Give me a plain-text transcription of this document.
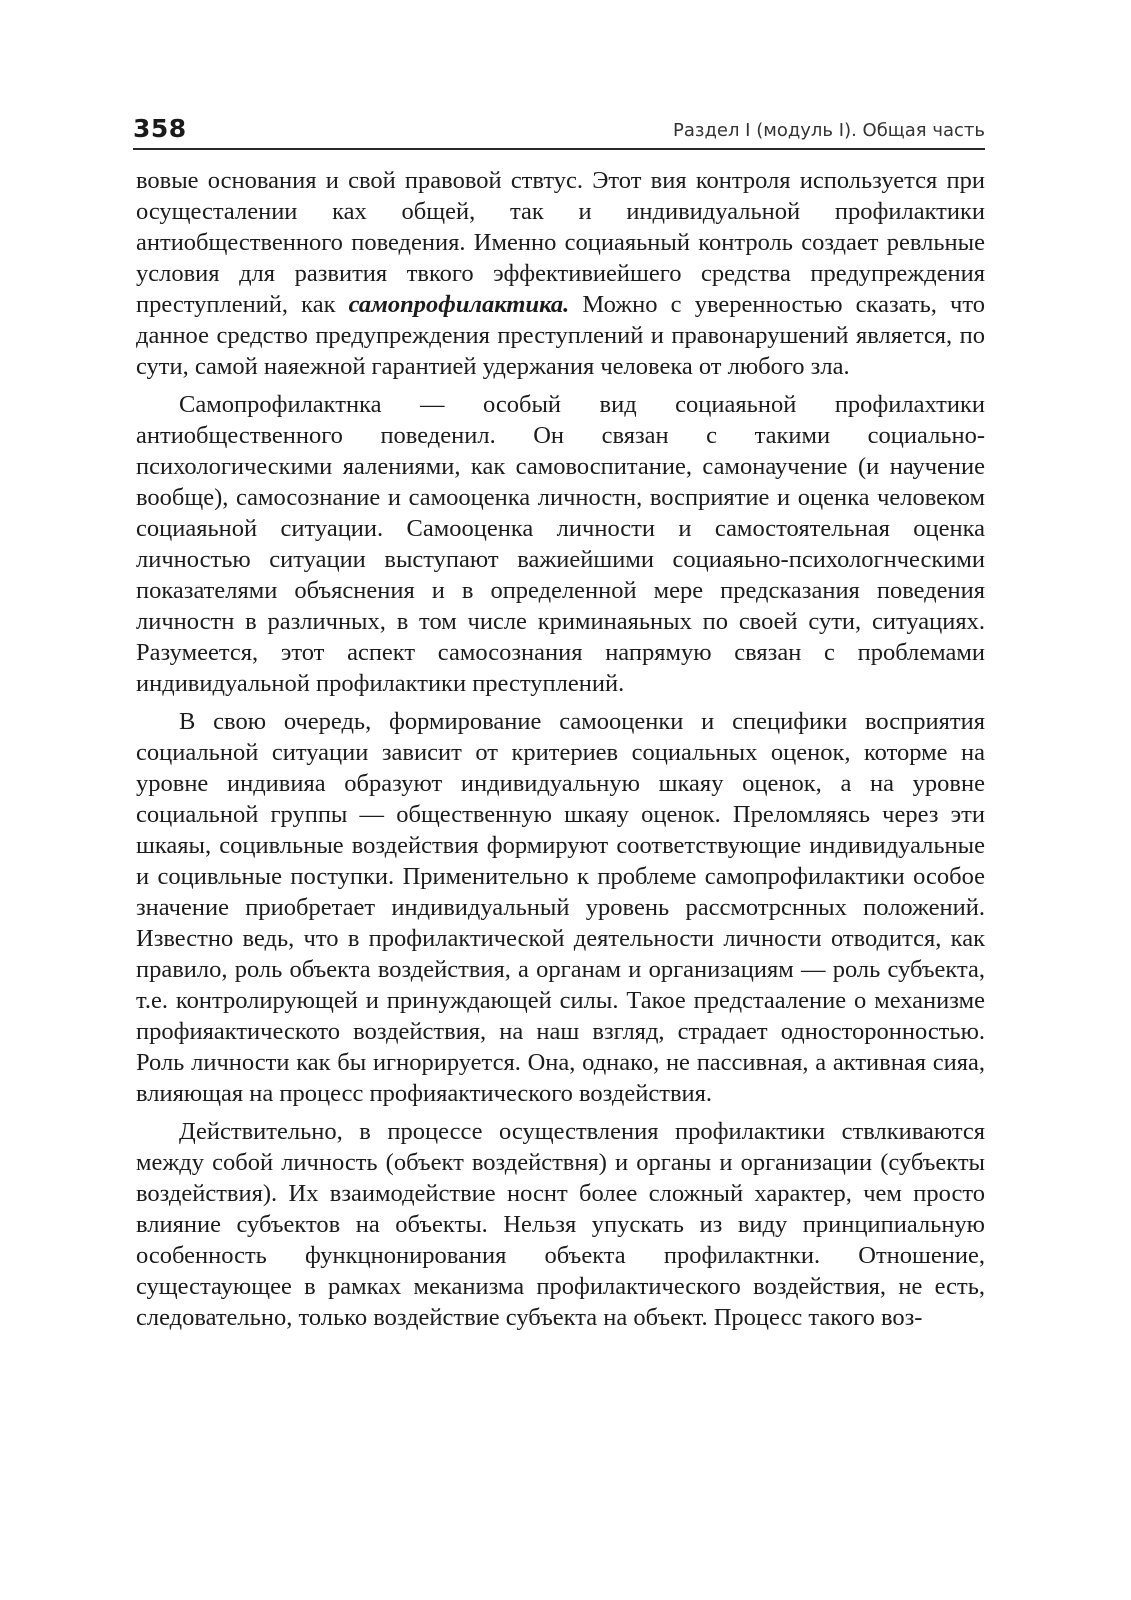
358	Раздел I (модуль I). Общая часть

вовые основания и свой правовой ствтус. Этот вия контроля используется при осущесталении ках общей, так и индивидуальной профилактики антиобщественного поведения. Именно социаяьный контроль создает ревльные условия для развития твкого эффективиейшего средства предупреждения преступлений, как самопрофилактика. Можно с уверенностью сказать, что данное средство предупреждения преступлений и правонарушений является, по сути, самой наяежной гарантией удержания человека от любого зла.

Самопрофилактнка — особый вид социаяьной профилахтики антиобщественного поведенил. Он связан с такими социально-психологическими яалениями, как самовоспитание, самонаучение (и научение вообще), самосознание и самооценка личностн, восприятие и оценка человеком социаяьной ситуации. Самооценка личности и самостоятельная оценка личностью ситуации выступают важиейшими социаяьно-психологнческими показателями объяснения и в определенной мере предсказания поведения личностн в различных, в том числе криминаяьных по своей сути, ситуациях. Разумеется, этот аспект самосознания напрямую связан с проблемами индивидуальной профилактики преступлений.

В свою очередь, формирование самооценки и специфики восприятия социальной ситуации зависит от критериев социальных оценок, которме на уровне индивияа образуют индивидуальную шкаяу оценок, а на уровне социальной группы — общественную шкаяу оценок. Преломляясь через эти шкаяы, социвльные воздействия формируют соответствующие индивидуальные и социвльные поступки. Применительно к проблеме самопрофилактики особое значение приобретает индивидуальный уровень рассмотрснных положений. Известно ведь, что в профилактической деятельности личности отводится, как правило, роль объекта воздействия, а органам и организациям — роль субъекта, т.е. контролирующей и принуждающей силы. Такое предстааление о механизме профияактическото воздействия, на наш взгляд, страдает односторонностью. Роль личности как бы игнорируется. Она, однако, не пассивная, а активная сияа, влияющая на процесс профияактического воздействия.

Действительно, в процессе осуществления профилактики ствлкиваются между собой личность (объект воздействня) и органы и организации (субъекты воздействия). Их взаимодействие носнт более сложный характер, чем просто влияние субъектов на объекты. Нельзя упускать из виду принципиальную особенность функцнонирования объекта профилактнки. Отношение, сущестаующее в рамках меканизма профилактического воздействия, не есть, следовательно, только воздействие субъекта на объект. Процесс такого воз-
